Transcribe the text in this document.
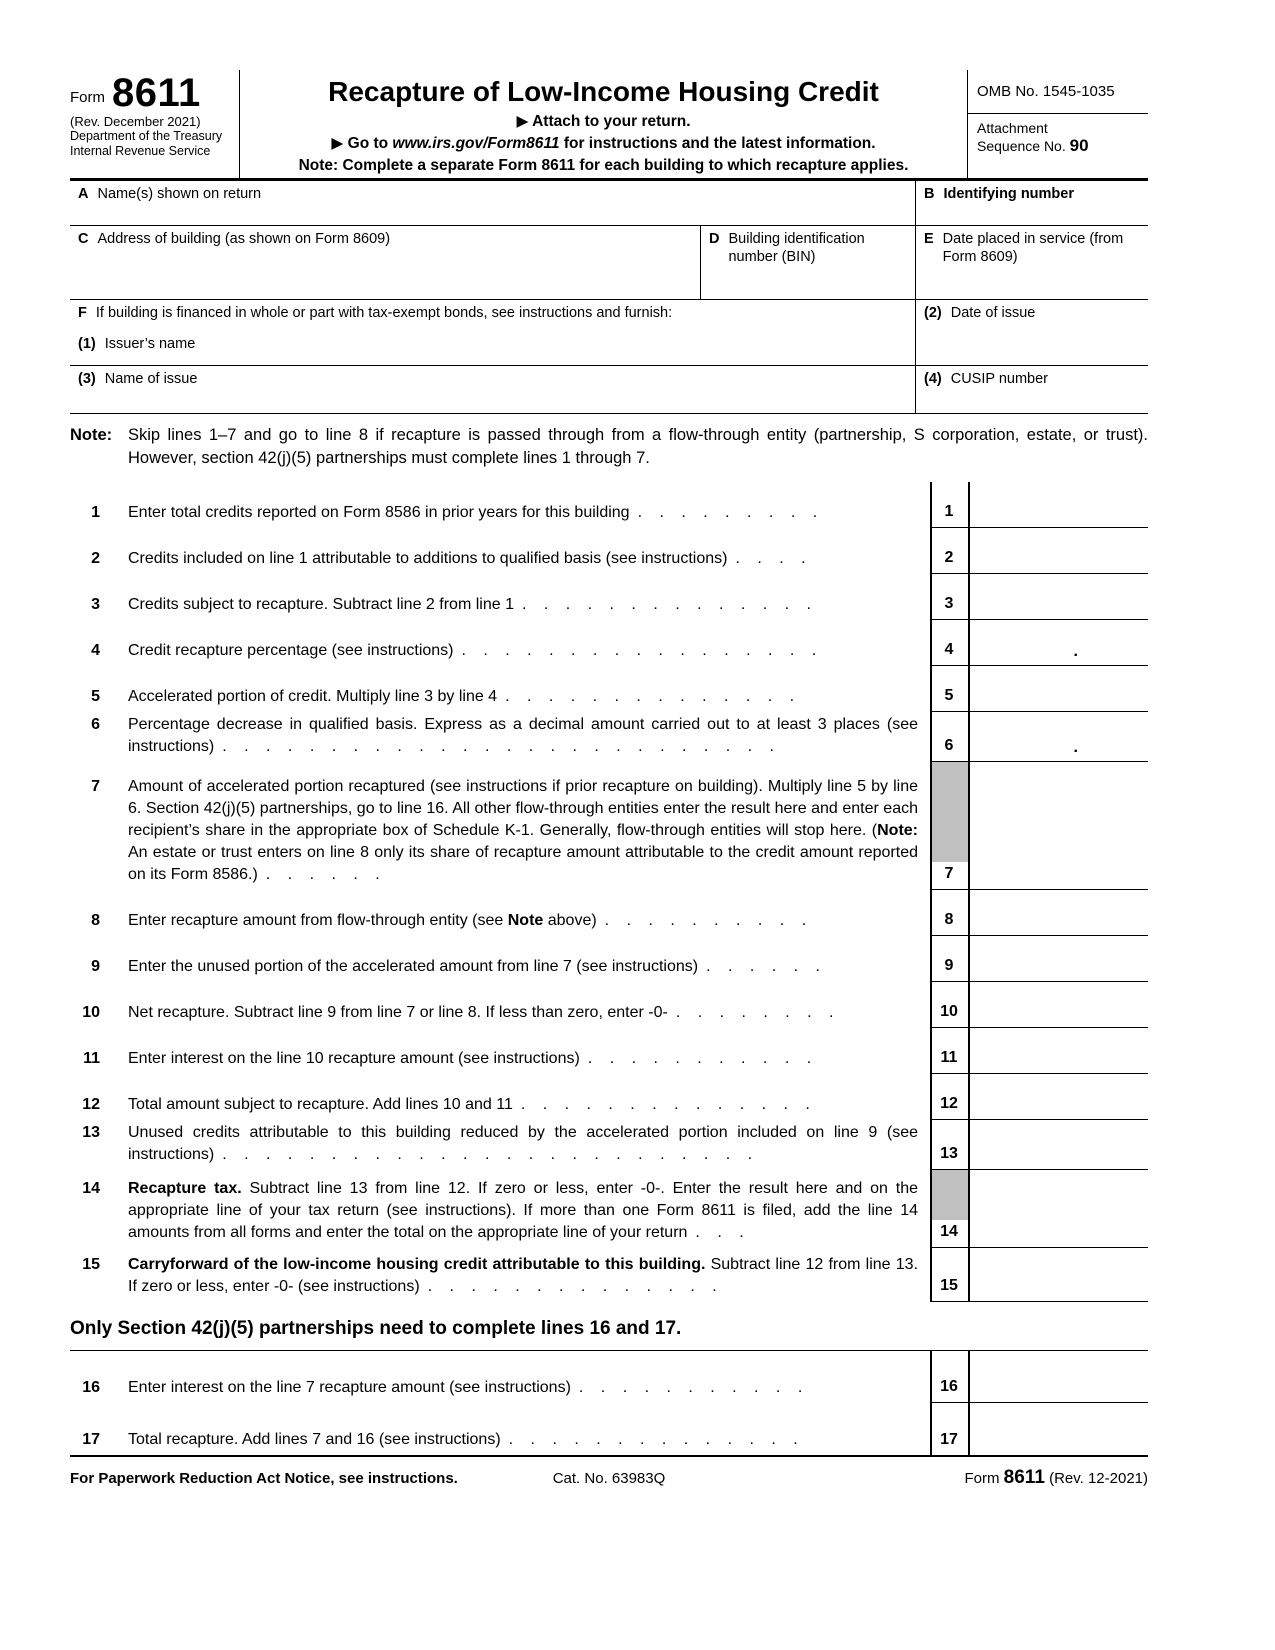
Form 8611
(Rev. December 2021)
Department of the Treasury
Internal Revenue Service
Recapture of Low-Income Housing Credit
▶ Attach to your return.
▶ Go to www.irs.gov/Form8611 for instructions and the latest information.
Note: Complete a separate Form 8611 for each building to which recapture applies.
OMB No. 1545-1035
Attachment
Sequence No. 90
A Name(s) shown on return	B Identifying number
C Address of building (as shown on Form 8609)	D Building identification number (BIN)
E Date placed in service (from Form 8609)
F If building is financed in whole or part with tax-exempt bonds, see instructions and furnish:
(1) Issuer’s name
(2) Date of issue
(3) Name of issue	(4) CUSIP number
Note: Skip lines 1–7 and go to line 8 if recapture is passed through from a flow-through entity (partnership, S corporation, estate, or trust). However, section 42(j)(5) partnerships must complete lines 1 through 7.
1 Enter total credits reported on Form 8586 in prior years for this building . . . . . . . . .	1
2 Credits included on line 1 attributable to additions to qualified basis (see instructions) . . . .	2
3 Credits subject to recapture. Subtract line 2 from line 1 . . . . . . . . . . . . . .	3
4 Credit recapture percentage (see instructions) . . . . . . . . . . . . . . . . .	4	.
5 Accelerated portion of credit. Multiply line 3 by line 4 . . . . . . . . . . . . . .	5
6 Percentage decrease in qualified basis. Express as a decimal amount carried out to at least 3 places (see instructions) . . . . . . . . . . . . . . . . . . . . . . . . . .	6	.
7 Amount of accelerated portion recaptured (see instructions if prior recapture on building). Multiply line 5 by line 6. Section 42(j)(5) partnerships, go to line 16. All other flow-through entities enter the result here and enter each recipient’s share in the appropriate box of Schedule K-1. Generally, flow-through entities will stop here. (Note: An estate or trust enters on line 8 only its share of recapture amount attributable to the credit amount reported on its Form 8586.) . . . . . .	7
8 Enter recapture amount from flow-through entity (see Note above) . . . . . . . . . .	8
9 Enter the unused portion of the accelerated amount from line 7 (see instructions) . . . . . .	9
10 Net recapture. Subtract line 9 from line 7 or line 8. If less than zero, enter -0- . . . . . . . .	10
11 Enter interest on the line 10 recapture amount (see instructions) . . . . . . . . . . .	11
12 Total amount subject to recapture. Add lines 10 and 11 . . . . . . . . . . . . . .	12
13 Unused credits attributable to this building reduced by the accelerated portion included on line 9 (see instructions) . . . . . . . . . . . . . . . . . . . . . . . . .	13
14 Recapture tax. Subtract line 13 from line 12. If zero or less, enter -0-. Enter the result here and on the appropriate line of your tax return (see instructions). If more than one Form 8611 is filed, add the line 14 amounts from all forms and enter the total on the appropriate line of your return . . .	14
15 Carryforward of the low-income housing credit attributable to this building. Subtract line 12 from line 13. If zero or less, enter -0- (see instructions) . . . . . . . . . . . . . .	15
Only Section 42(j)(5) partnerships need to complete lines 16 and 17.
16 Enter interest on the line 7 recapture amount (see instructions) . . . . . . . . . . .	16
17 Total recapture. Add lines 7 and 16 (see instructions) . . . . . . . . . . . . . .	17
For Paperwork Reduction Act Notice, see instructions.	Cat. No. 63983Q	Form 8611 (Rev. 12-2021)
